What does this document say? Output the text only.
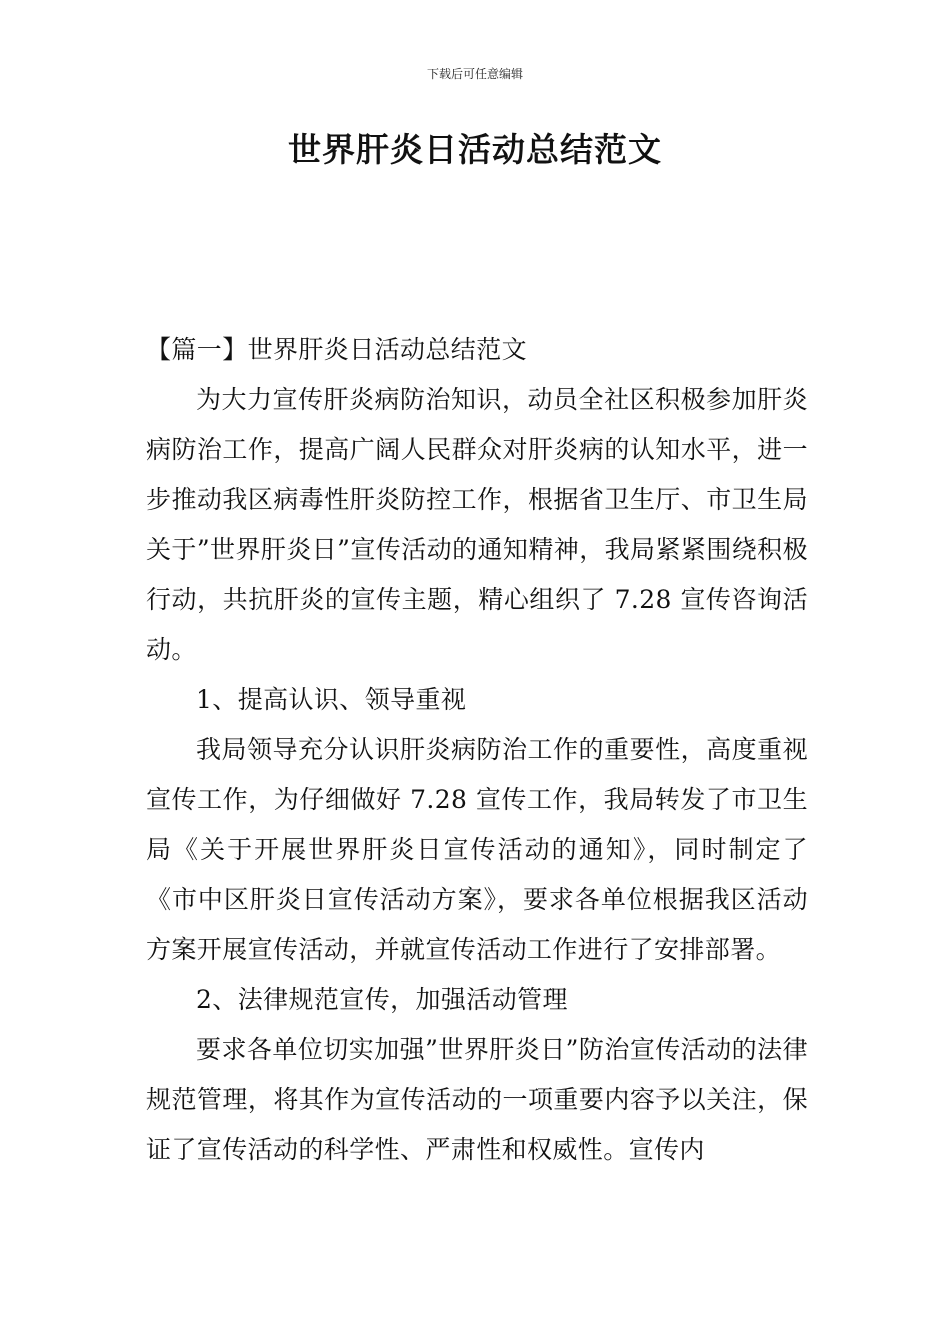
下载后可任意编辑
世界肝炎日活动总结范文

【篇一】世界肝炎日活动总结范文

为大力宣传肝炎病防治知识，动员全社区积极参加肝炎病防治工作，提高广阔人民群众对肝炎病的认知水平，进一步推动我区病毒性肝炎防控工作，根据省卫生厅、市卫生局关于”世界肝炎日”宣传活动的通知精神，我局紧紧围绕积极行动，共抗肝炎的宣传主题，精心组织了 7.28 宣传咨询活动。

1、提高认识、领导重视

我局领导充分认识肝炎病防治工作的重要性，高度重视宣传工作，为仔细做好 7.28 宣传工作，我局转发了市卫生局《关于开展世界肝炎日宣传活动的通知》，同时制定了《市中区肝炎日宣传活动方案》，要求各单位根据我区活动方案开展宣传活动，并就宣传活动工作进行了安排部署。

2、法律规范宣传，加强活动管理

要求各单位切实加强”世界肝炎日”防治宣传活动的法律规范管理，将其作为宣传活动的一项重要内容予以关注，保证了宣传活动的科学性、严肃性和权威性。宣传内
